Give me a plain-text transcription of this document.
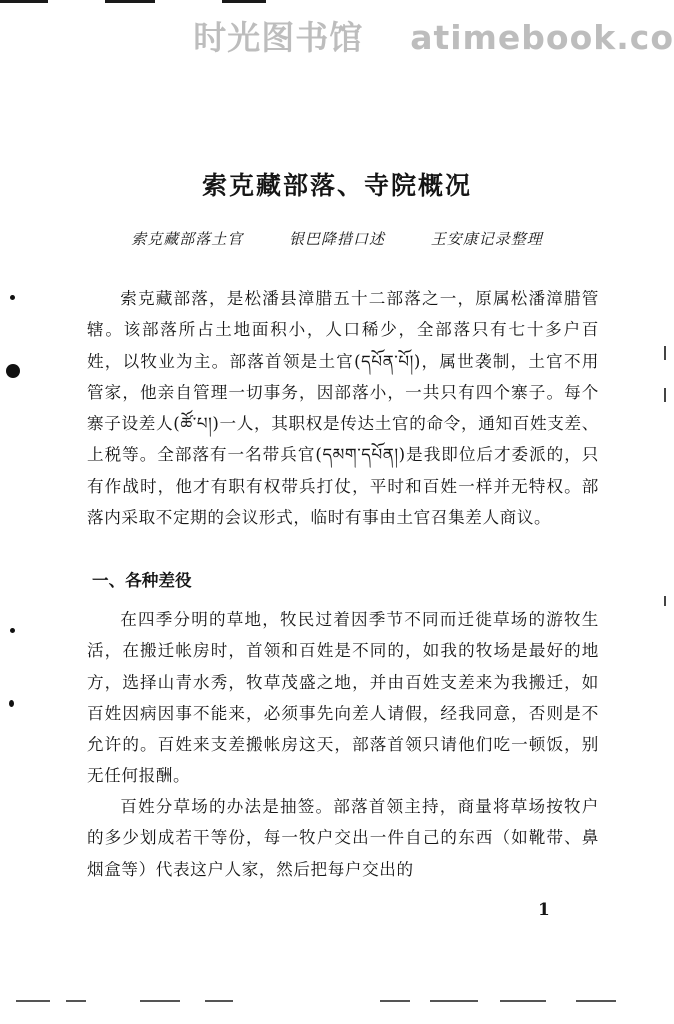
时光图书馆 atimebook.co
索克藏部落、寺院概况
索克藏部落土官	银巴降措口述	王安康记录整理
索克藏部落，是松潘县漳腊五十二部落之一，原属松潘漳腊管辖。该部落所占土地面积小，人口稀少，全部落只有七十多户百姓，以牧业为主。部落首领是土官(དཔོན་པོ།)，属世袭制，土官不用管家，他亲自管理一切事务，因部落小，一共只有四个寨子。每个寨子设差人(ཚོ་པ།)一人，其职权是传达土官的命令，通知百姓支差、上税等。全部落有一名带兵官(དམག་དཔོན།)是我即位后才委派的，只有作战时，他才有职有权带兵打仗，平时和百姓一样并无特权。部落内采取不定期的会议形式，临时有事由土官召集差人商议。
一、各种差役
在四季分明的草地，牧民过着因季节不同而迁徙草场的游牧生活，在搬迁帐房时，首领和百姓是不同的，如我的牧场是最好的地方，选择山青水秀，牧草茂盛之地，并由百姓支差来为我搬迁，如百姓因病因事不能来，必须事先向差人请假，经我同意，否则是不允许的。百姓来支差搬帐房这天，部落首领只请他们吃一顿饭，别无任何报酬。
百姓分草场的办法是抽签。部落首领主持，商量将草场按牧户的多少划成若干等份，每一牧户交出一件自己的东西（如靴带、鼻烟盒等）代表这户人家，然后把每户交出的
1
